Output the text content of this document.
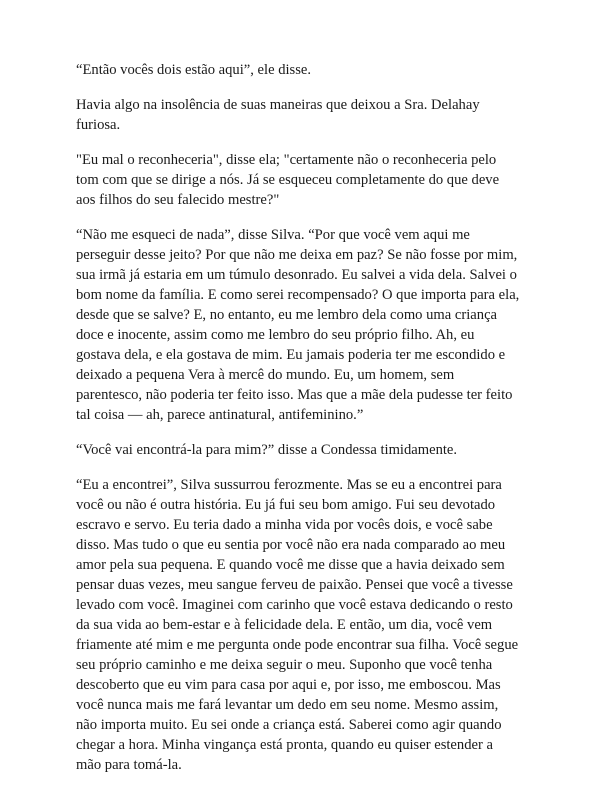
“Então vocês dois estão aqui”, ele disse.

Havia algo na insolência de suas maneiras que deixou a Sra. Delahay
furiosa.

"Eu mal o reconheceria", disse ela; "certamente não o reconheceria pelo
tom com que se dirige a nós. Já se esqueceu completamente do que deve
aos filhos do seu falecido mestre?"

“Não me esqueci de nada”, disse Silva. “Por que você vem aqui me
perseguir desse jeito? Por que não me deixa em paz? Se não fosse por mim,
sua irmã já estaria em um túmulo desonrado. Eu salvei a vida dela. Salvei o
bom nome da família. E como serei recompensado? O que importa para ela,
desde que se salve? E, no entanto, eu me lembro dela como uma criança
doce e inocente, assim como me lembro do seu próprio filho. Ah, eu
gostava dela, e ela gostava de mim. Eu jamais poderia ter me escondido e
deixado a pequena Vera à mercê do mundo. Eu, um homem, sem
parentesco, não poderia ter feito isso. Mas que a mãe dela pudesse ter feito
tal coisa — ah, parece antinatural, antifeminino.”

“Você vai encontrá-la para mim?” disse a Condessa timidamente.

“Eu a encontrei”, Silva sussurrou ferozmente. Mas se eu a encontrei para
você ou não é outra história. Eu já fui seu bom amigo. Fui seu devotado
escravo e servo. Eu teria dado a minha vida por vocês dois, e você sabe
disso. Mas tudo o que eu sentia por você não era nada comparado ao meu
amor pela sua pequena. E quando você me disse que a havia deixado sem
pensar duas vezes, meu sangue ferveu de paixão. Pensei que você a tivesse
levado com você. Imaginei com carinho que você estava dedicando o resto
da sua vida ao bem-estar e à felicidade dela. E então, um dia, você vem
friamente até mim e me pergunta onde pode encontrar sua filha. Você segue
seu próprio caminho e me deixa seguir o meu. Suponho que você tenha
descoberto que eu vim para casa por aqui e, por isso, me emboscou. Mas
você nunca mais me fará levantar um dedo em seu nome. Mesmo assim,
não importa muito. Eu sei onde a criança está. Saberei como agir quando
chegar a hora. Minha vingança está pronta, quando eu quiser estender a
mão para tomá-la.
